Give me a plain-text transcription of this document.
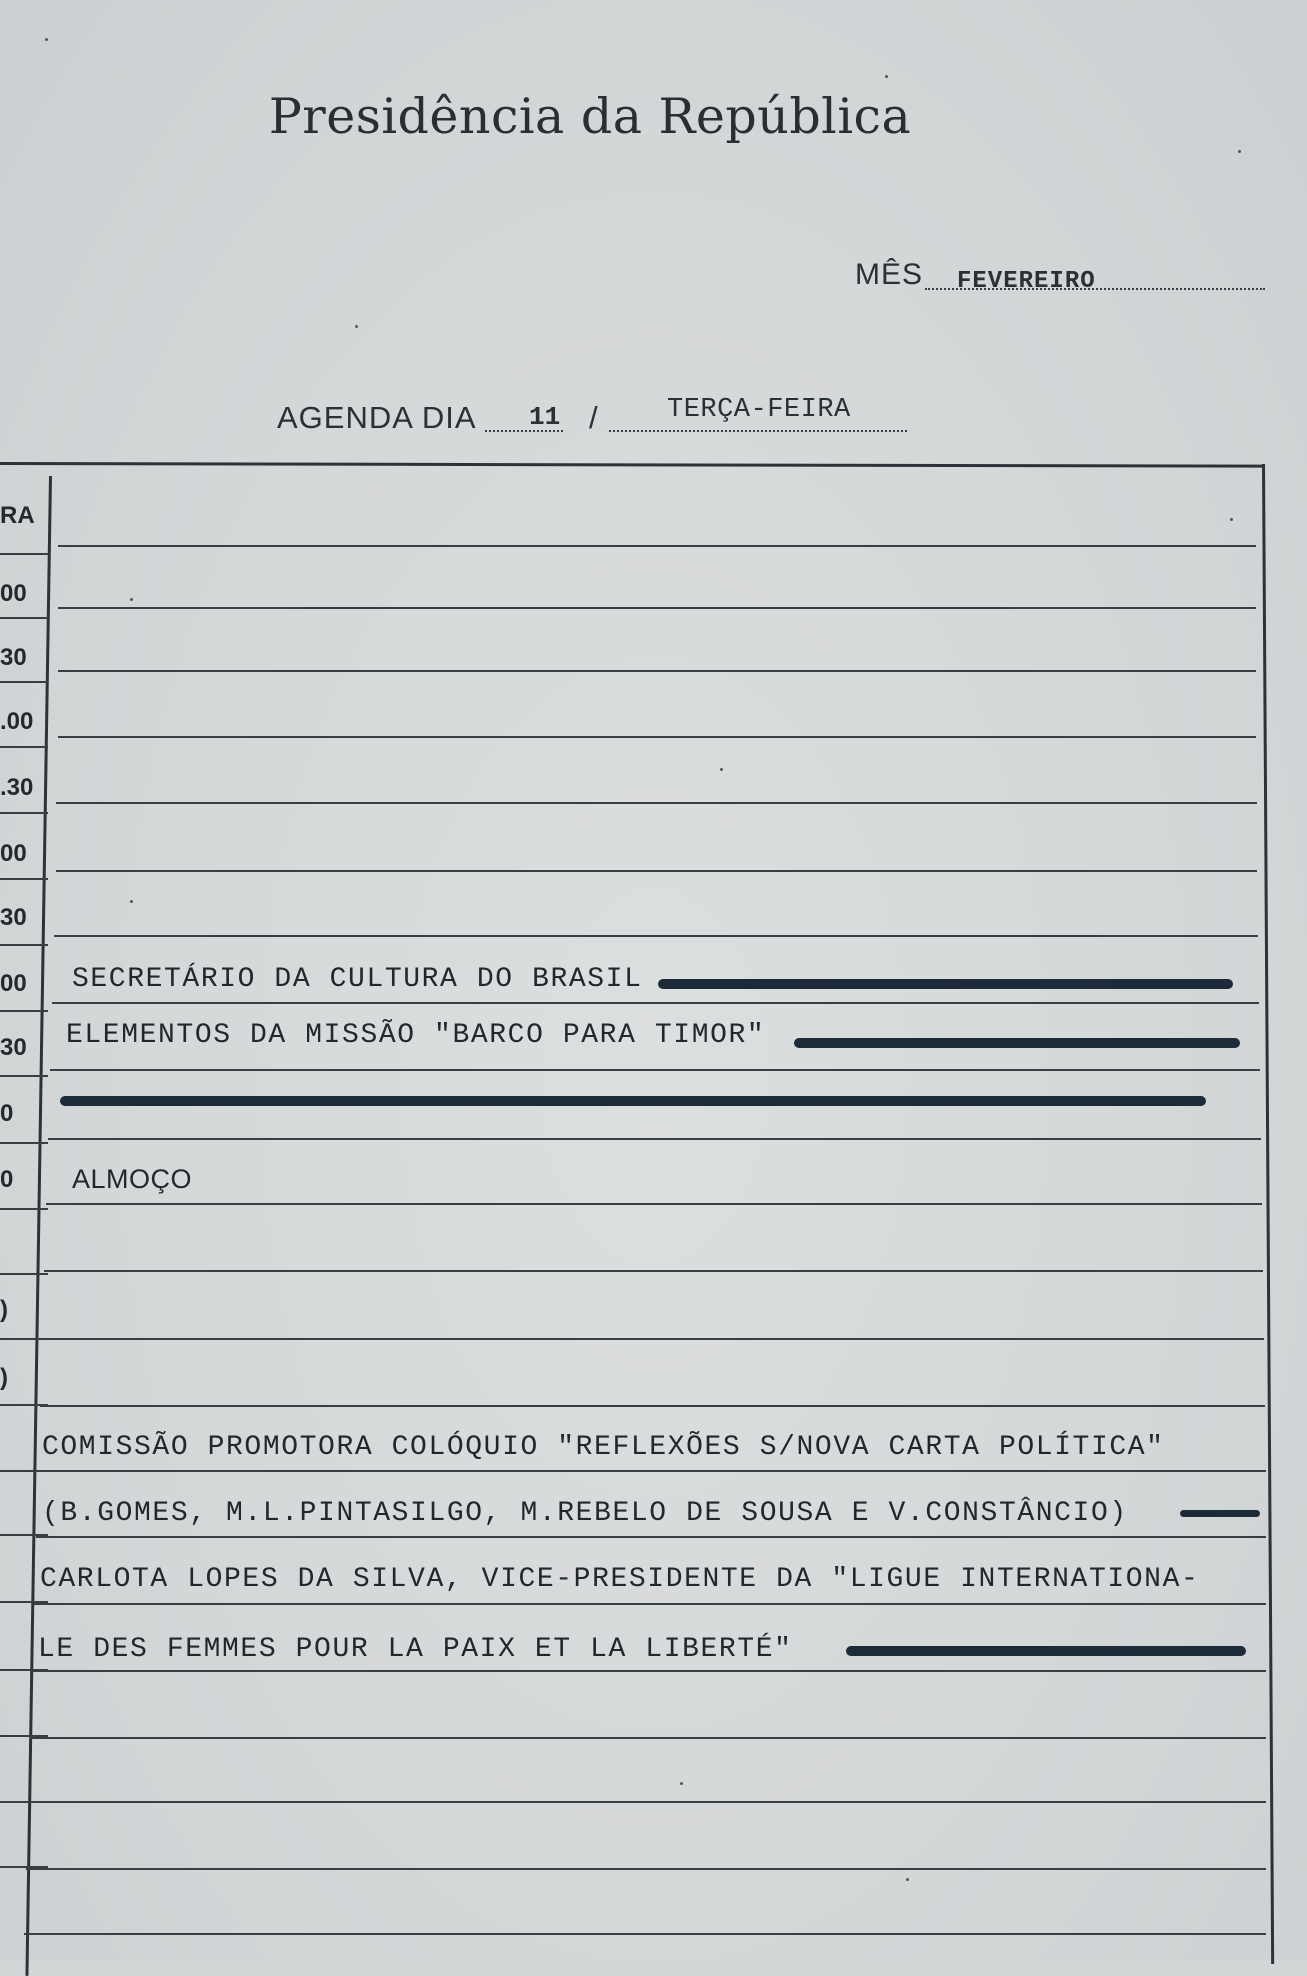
Presidência da República
MÊS FEVEREIRO
AGENDA DIA 11 /	TERÇA-FEIRA
RA
00
30
.00
.30
00
30
00
30
0
0
)
)
SECRETÁRIO DA CULTURA DO BRASIL
ELEMENTOS DA MISSÃO "BARCO PARA TIMOR"
ALMOÇO
COMISSÃO PROMOTORA COLÓQUIO "REFLEXÕES S/NOVA CARTA POLÍTICA"
(B.GOMES, M.L.PINTASILGO, M.REBELO DE SOUSA E V.CONSTÂNCIO)
CARLOTA LOPES DA SILVA, VICE-PRESIDENTE DA "LIGUE INTERNATIONA-
LE DES FEMMES POUR LA PAIX ET LA LIBERTÉ"
